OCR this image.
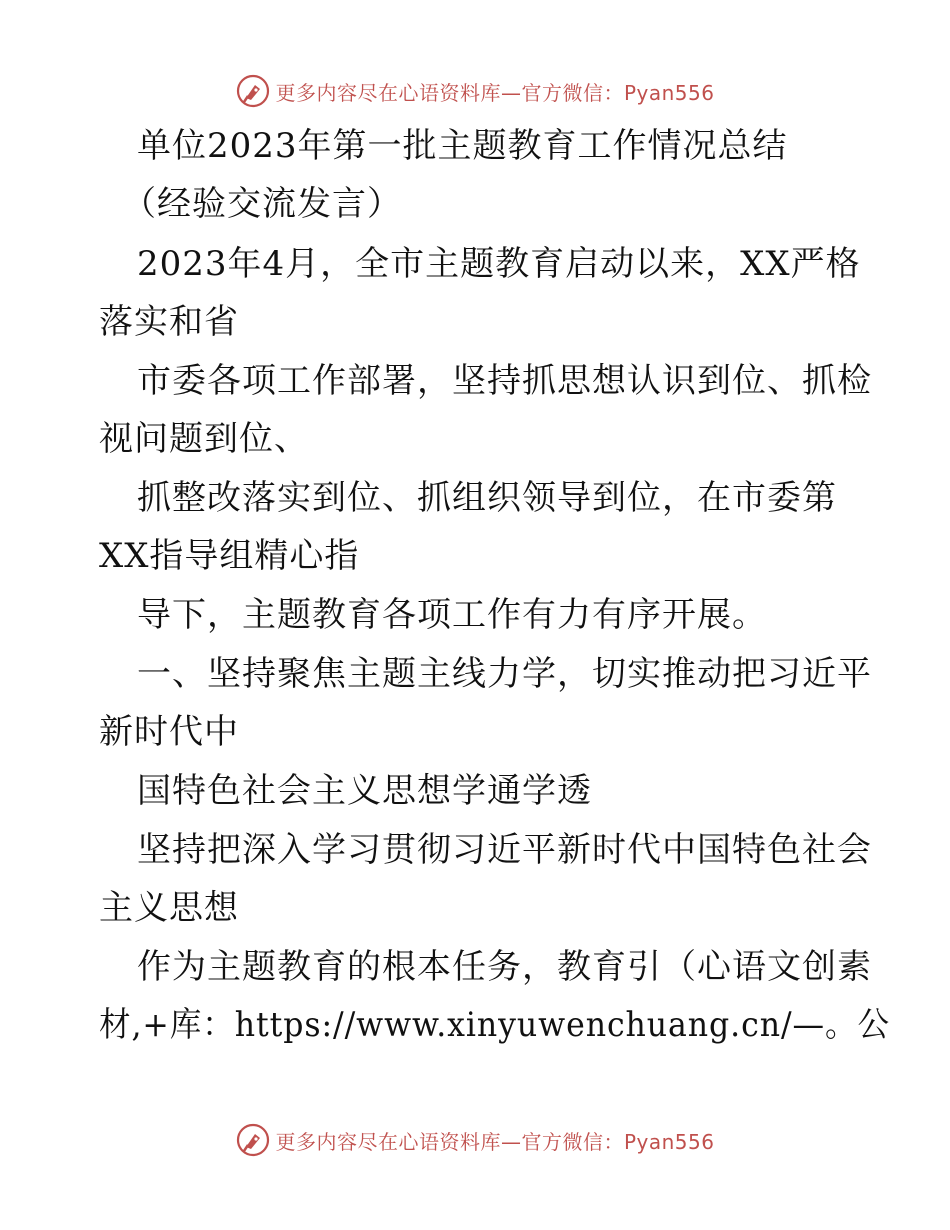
更多内容尽在心语资料库—官方微信：Pyan556
单位2023年第一批主题教育工作情况总结
（经验交流发言）
2023年4月，全市主题教育启动以来，XX严格
落实和省
市委各项工作部署，坚持抓思想认识到位、抓检
视问题到位、
抓整改落实到位、抓组织领导到位，在市委第
XX指导组精心指
导下，主题教育各项工作有力有序开展。
一、坚持聚焦主题主线力学，切实推动把习近平
新时代中
国特色社会主义思想学通学透
坚持把深入学习贯彻习近平新时代中国特色社会
主义思想
作为主题教育的根本任务，教育引（心语文创素
材,+库：https://www.xinyuwenchuang.cn/—。公
更多内容尽在心语资料库—官方微信：Pyan556
